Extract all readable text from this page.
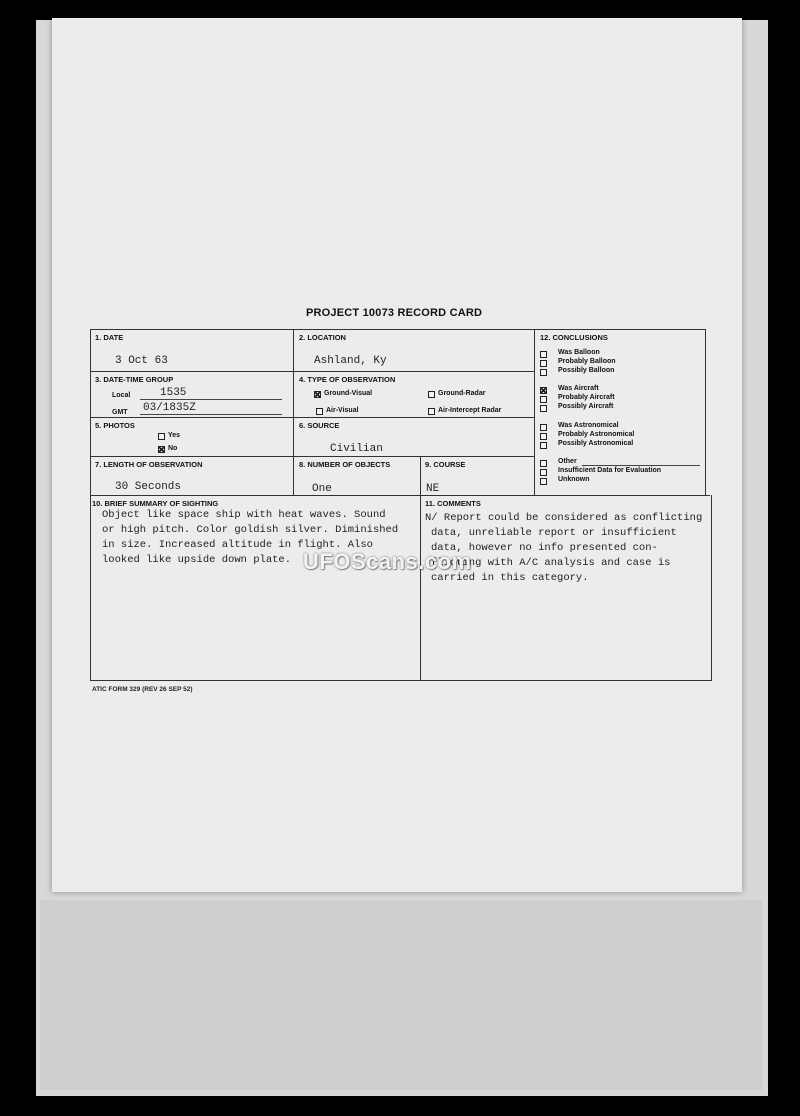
PROJECT 10073 RECORD CARD
1. DATE
3 Oct 63
2. LOCATION
Ashland, Ky
3. DATE-TIME GROUP
Local	1535
GMT 03/1835Z
4. TYPE OF OBSERVATION
Ground-Visual	Ground-Radar
Air-Visual	Air-Intercept Radar
5. PHOTOS
Yes
No
6. SOURCE
Civilian
7. LENGTH OF OBSERVATION
30 Seconds
8. NUMBER OF OBJECTS
One
9. COURSE
NE
10. BRIEF SUMMARY OF SIGHTING
Object like space ship with heat waves. Sound
or high pitch. Color goldish silver. Diminished
in size. Increased altitude in flight. Also
looked like upside down plate.
11. COMMENTS
N/ Report could be considered as conflicting
data, unreliable report or insufficient
data, however no info presented con-
flicting with A/C analysis and case is
carried in this category.
12. CONCLUSIONS
Was Balloon
Probably Balloon
Possibly Balloon
Was Aircraft
Probably Aircraft
Possibly Aircraft
Was Astronomical
Probably Astronomical
Possibly Astronomical
Other
Insufficient Data for Evaluation
Unknown
ATIC FORM 329 (REV 26 SEP 52)
UFOScans.com
